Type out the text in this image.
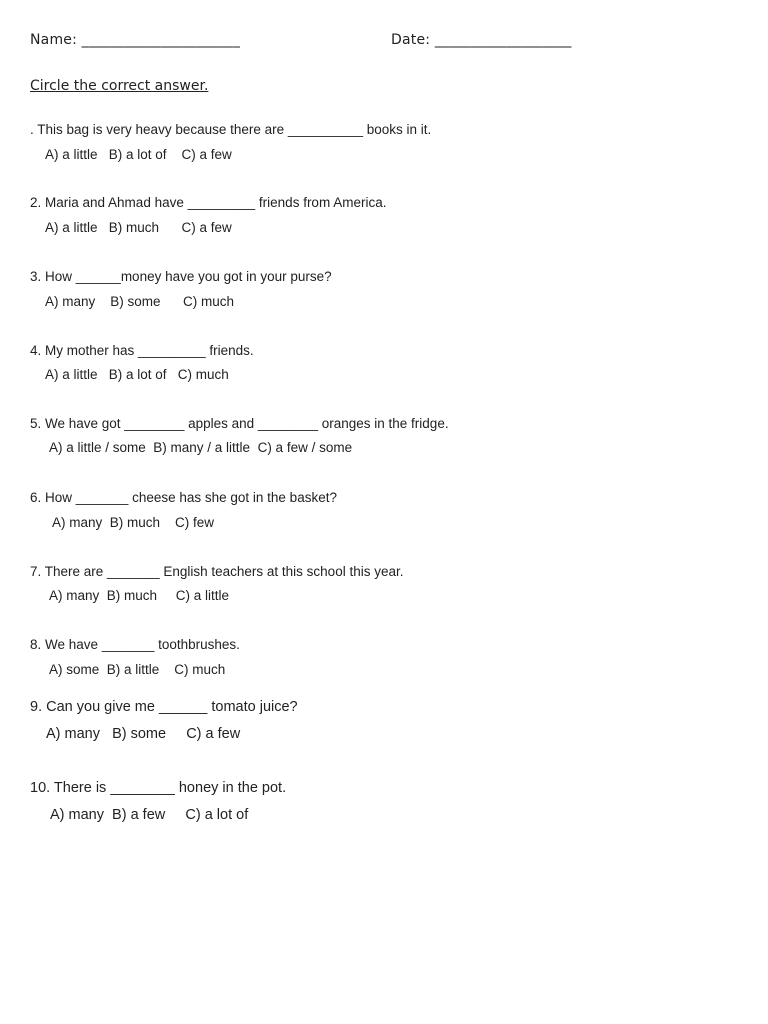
Name: ______________________	Date: ___________________
Circle the correct answer.
. This bag is very heavy because there are __________ books in it.
A) a little   B) a lot of    C) a few
2. Maria and Ahmad have _________ friends from America.
A) a little   B) much      C) a few
3. How ______money have you got in your purse?
A) many    B) some      C) much
4. My mother has _________ friends.
A) a little   B) a lot of   C) much
5. We have got ________ apples and ________ oranges in the fridge.
A) a little / some  B) many / a little  C) a few / some
6. How _______ cheese has she got in the basket?
A) many  B) much    C) few
7. There are _______ English teachers at this school this year.
A) many  B) much     C) a little
8. We have _______ toothbrushes.
A) some  B) a little    C) much
9. Can you give me ______ tomato juice?
A) many   B) some     C) a few
10. There is ________ honey in the pot.
A) many  B) a few     C) a lot of
